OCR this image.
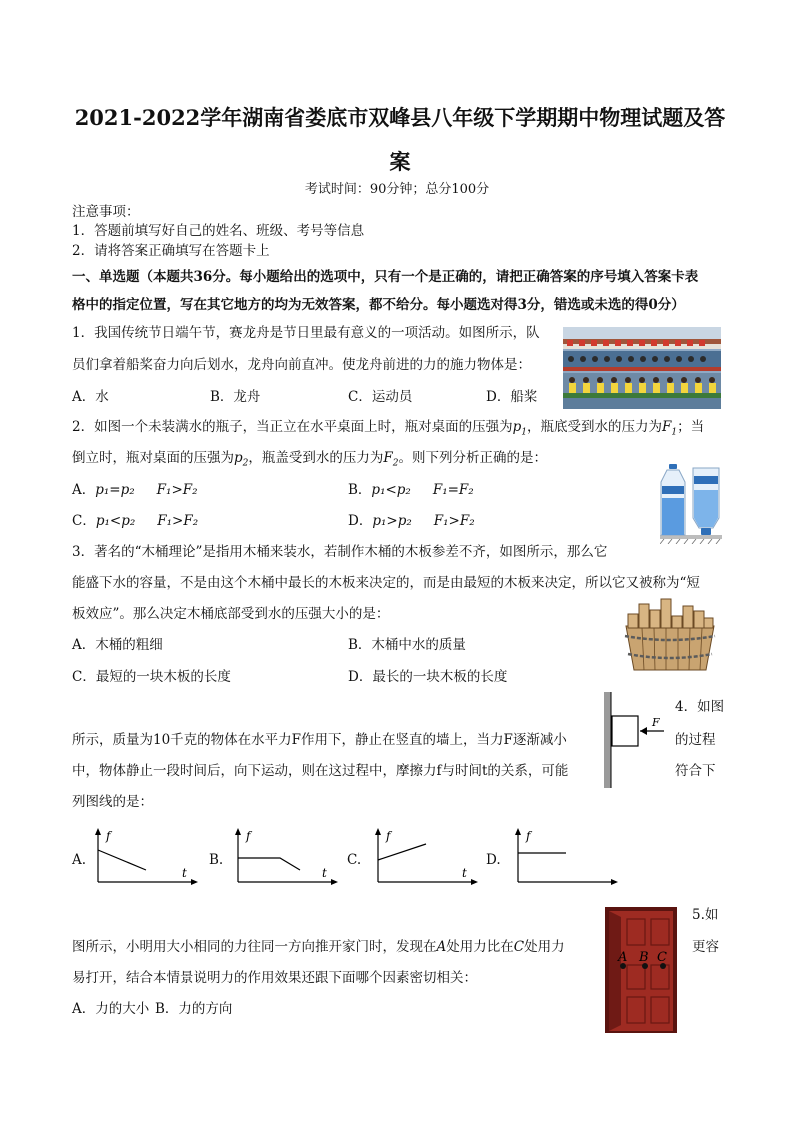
2021-2022学年湖南省娄底市双峰县八年级下学期期中物理试题及答
案
考试时间：90分钟；总分100分
注意事项：
1．答题前填写好自己的姓名、班级、考号等信息
2．请将答案正确填写在答题卡上
一、单选题（本题共36分。每小题给出的选项中，只有一个是正确的，请把正确答案的序号填入答案卡表
格中的指定位置，写在其它地方的均为无效答案，都不给分。每小题选对得3分，错选或未选的得0分）
1．我国传统节日端午节，赛龙舟是节日里最有意义的一项活动。如图所示，队
员们拿着船桨奋力向后划水，龙舟向前直冲。使龙舟前进的力的施力物体是：
A．水	B．龙舟	C．运动员	D．船桨
2．如图一个未装满水的瓶子，当正立在水平桌面上时，瓶对桌面的压强为$p_1$，瓶底受到水的压力为$F_1$；当
倒立时，瓶对桌面的压强为$p_2$，瓶盖受到水的压力为$F_2$。则下列分析正确的是：
A．p₁=p₂ F₁>F₂	B．p₁<p₂ F₁=F₂
C．p₁<p₂ F₁>F₂	D．p₁>p₂ F₁>F₂
3．著名的“木桶理论”是指用木桶来装水，若制作木桶的木板参差不齐，如图所示，那么它
能盛下水的容量，不是由这个木桶中最长的木板来决定的，而是由最短的木板来决定，所以它又被称为“短
板效应”。那么决定木桶底部受到水的压强大小的是：
A．木桶的粗细	B．木桶中水的质量
C．最短的一块木板的长度	D．最长的一块木板的长度
4．如图
所示，质量为10千克的物体在水平力F作用下，静止在竖直的墙上，当力F逐渐减小	的过程
中，物体静止一段时间后，向下运动，则在这过程中，摩擦力f与时间t的关系，可能	符合下
列图线的是：
F
A.	B.	C.	D.
f
t
f
t
f
t
f
5.如
图所示，小明用大小相同的力往同一方向推开家门时，发现在A处用力比在C处用力	更容
易打开，结合本情景说明力的作用效果还跟下面哪个因素密切相关：
A．力的大小 B．力的方向
A B C
